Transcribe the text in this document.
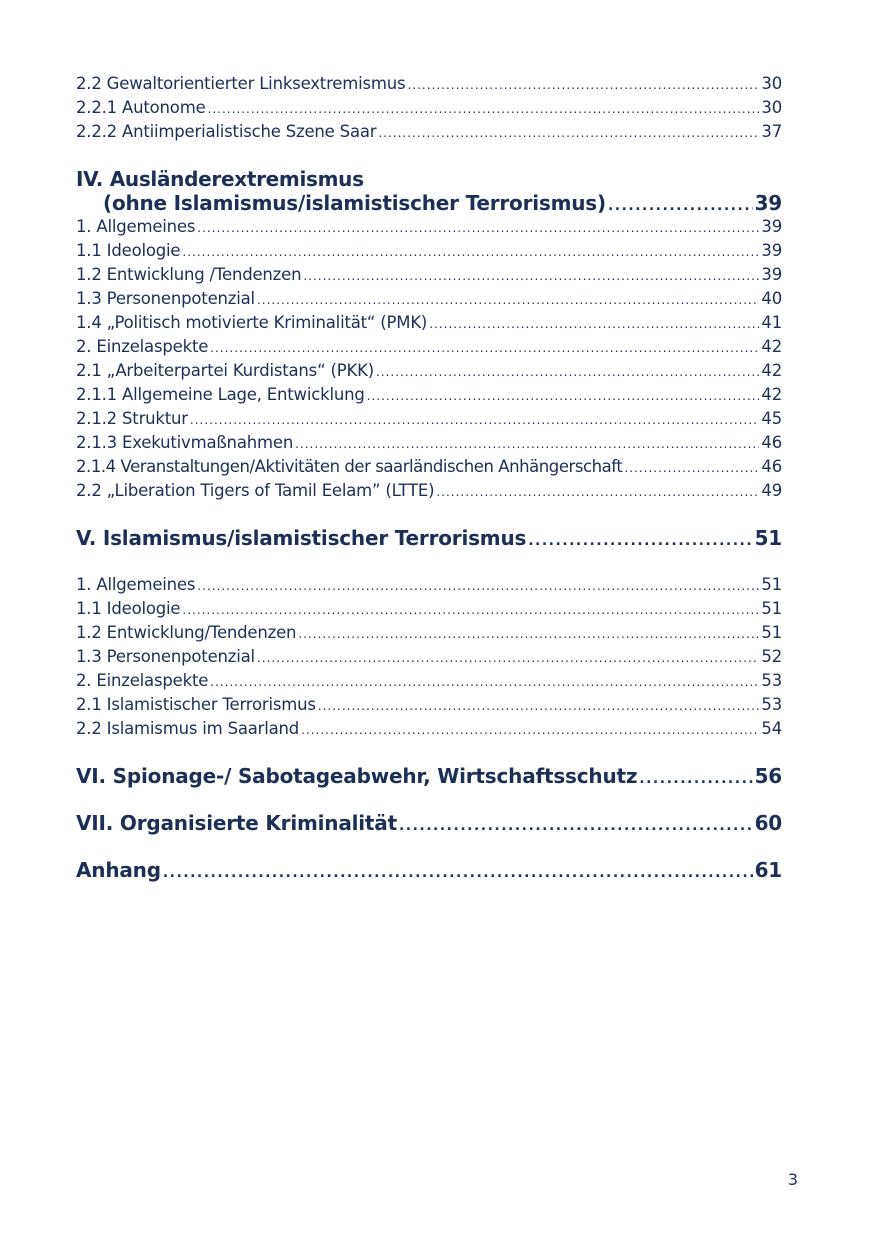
2.2 Gewaltorientierter Linksextremismus .....	30
2.2.1 Autonome .....	30
2.2.2 Antiimperialistische Szene Saar .....	37
IV. Ausländerextremismus
(ohne Islamismus/islamistischer Terrorismus) .....	39
1. Allgemeines .....	39
1.1 Ideologie .....	39
1.2 Entwicklung /Tendenzen .....	39
1.3 Personenpotenzial .....	40
1.4 „Politisch motivierte Kriminalität“ (PMK) .....	41
2. Einzelaspekte .....	42
2.1 „Arbeiterpartei Kurdistans“ (PKK) .....	42
2.1.1 Allgemeine Lage, Entwicklung .....	42
2.1.2 Struktur .....	45
2.1.3 Exekutivmaßnahmen .....	46
2.1.4 Veranstaltungen/Aktivitäten der saarländischen Anhängerschaft .....	46
2.2 „Liberation Tigers of Tamil Eelam” (LTTE) .....	49
V. Islamismus/islamistischer Terrorismus .....	51
1. Allgemeines .....	51
1.1 Ideologie .....	51
1.2 Entwicklung/Tendenzen .....	51
1.3 Personenpotenzial .....	52
2. Einzelaspekte .....	53
2.1 Islamistischer Terrorismus .....	53
2.2 Islamismus im Saarland .....	54
VI. Spionage-/ Sabotageabwehr, Wirtschaftsschutz .....	56
VII. Organisierte Kriminalität .....	60
Anhang .....	61
3
